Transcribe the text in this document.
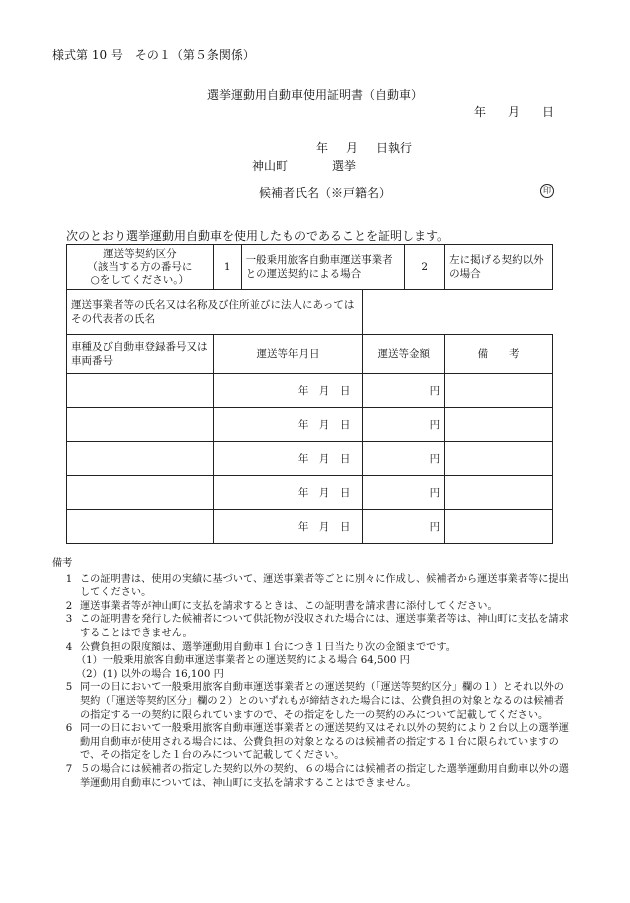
様式第 10 号　その１（第５条関係）
選挙運動用自動車使用証明書（自動車）
年 月 日
年 月 日執行
神山町	選挙
候補者氏名（※戸籍名）	印
次のとおり選挙運動用自動車を使用したものであることを証明します。
運送等契約区分
（該当する方の番号に
○をしてください。）	1	一般乗用旅客自動車運送事業者との運送契約による場合		2	左に掲げる契約以外の場合
運送事業者等の氏名又は名称及び住所並びに法人にあってはその代表者の氏名					
車種及び自動車登録番号又は車両番号	運送等年月日		運送等金額		備　　考
	年　月　日		円		
	年　月　日		円		
	年　月　日		円		
	年　月　日		円		
	年　月　日		円		
備考
1 この証明書は、使用の実績に基づいて、運送事業者等ごとに別々に作成し、候補者から運送事業者等に提出してください。
2 運送事業者等が神山町に支払を請求するときは、この証明書を請求書に添付してください。
3 この証明書を発行した候補者について供託物が没収された場合には、運送事業者等は、神山町に支払を請求することはできません。
4 公費負担の限度額は、選挙運動用自動車１台につき１日当たり次の金額までです。
（1）一般乗用旅客自動車運送事業者との運送契約による場合 64,500 円
（2）(1) 以外の場合 16,100 円
5 同一の日において一般乗用旅客自動車運送事業者との運送契約（「運送等契約区分」欄の１）とそれ以外の契約（「運送等契約区分」欄の２）とのいずれもが締結された場合には、公費負担の対象となるのは候補者の指定する一の契約に限られていますので、その指定をした一の契約のみについて記載してください。
6 同一の日において一般乗用旅客自動車運送事業者との運送契約又はそれ以外の契約により２台以上の選挙運動用自動車が使用される場合には、公費負担の対象となるのは候補者の指定する１台に限られていますので、その指定をした１台のみについて記載してください。
7 ５の場合には候補者の指定した契約以外の契約、６の場合には候補者の指定した選挙運動用自動車以外の選挙運動用自動車については、神山町に支払を請求することはできません。
